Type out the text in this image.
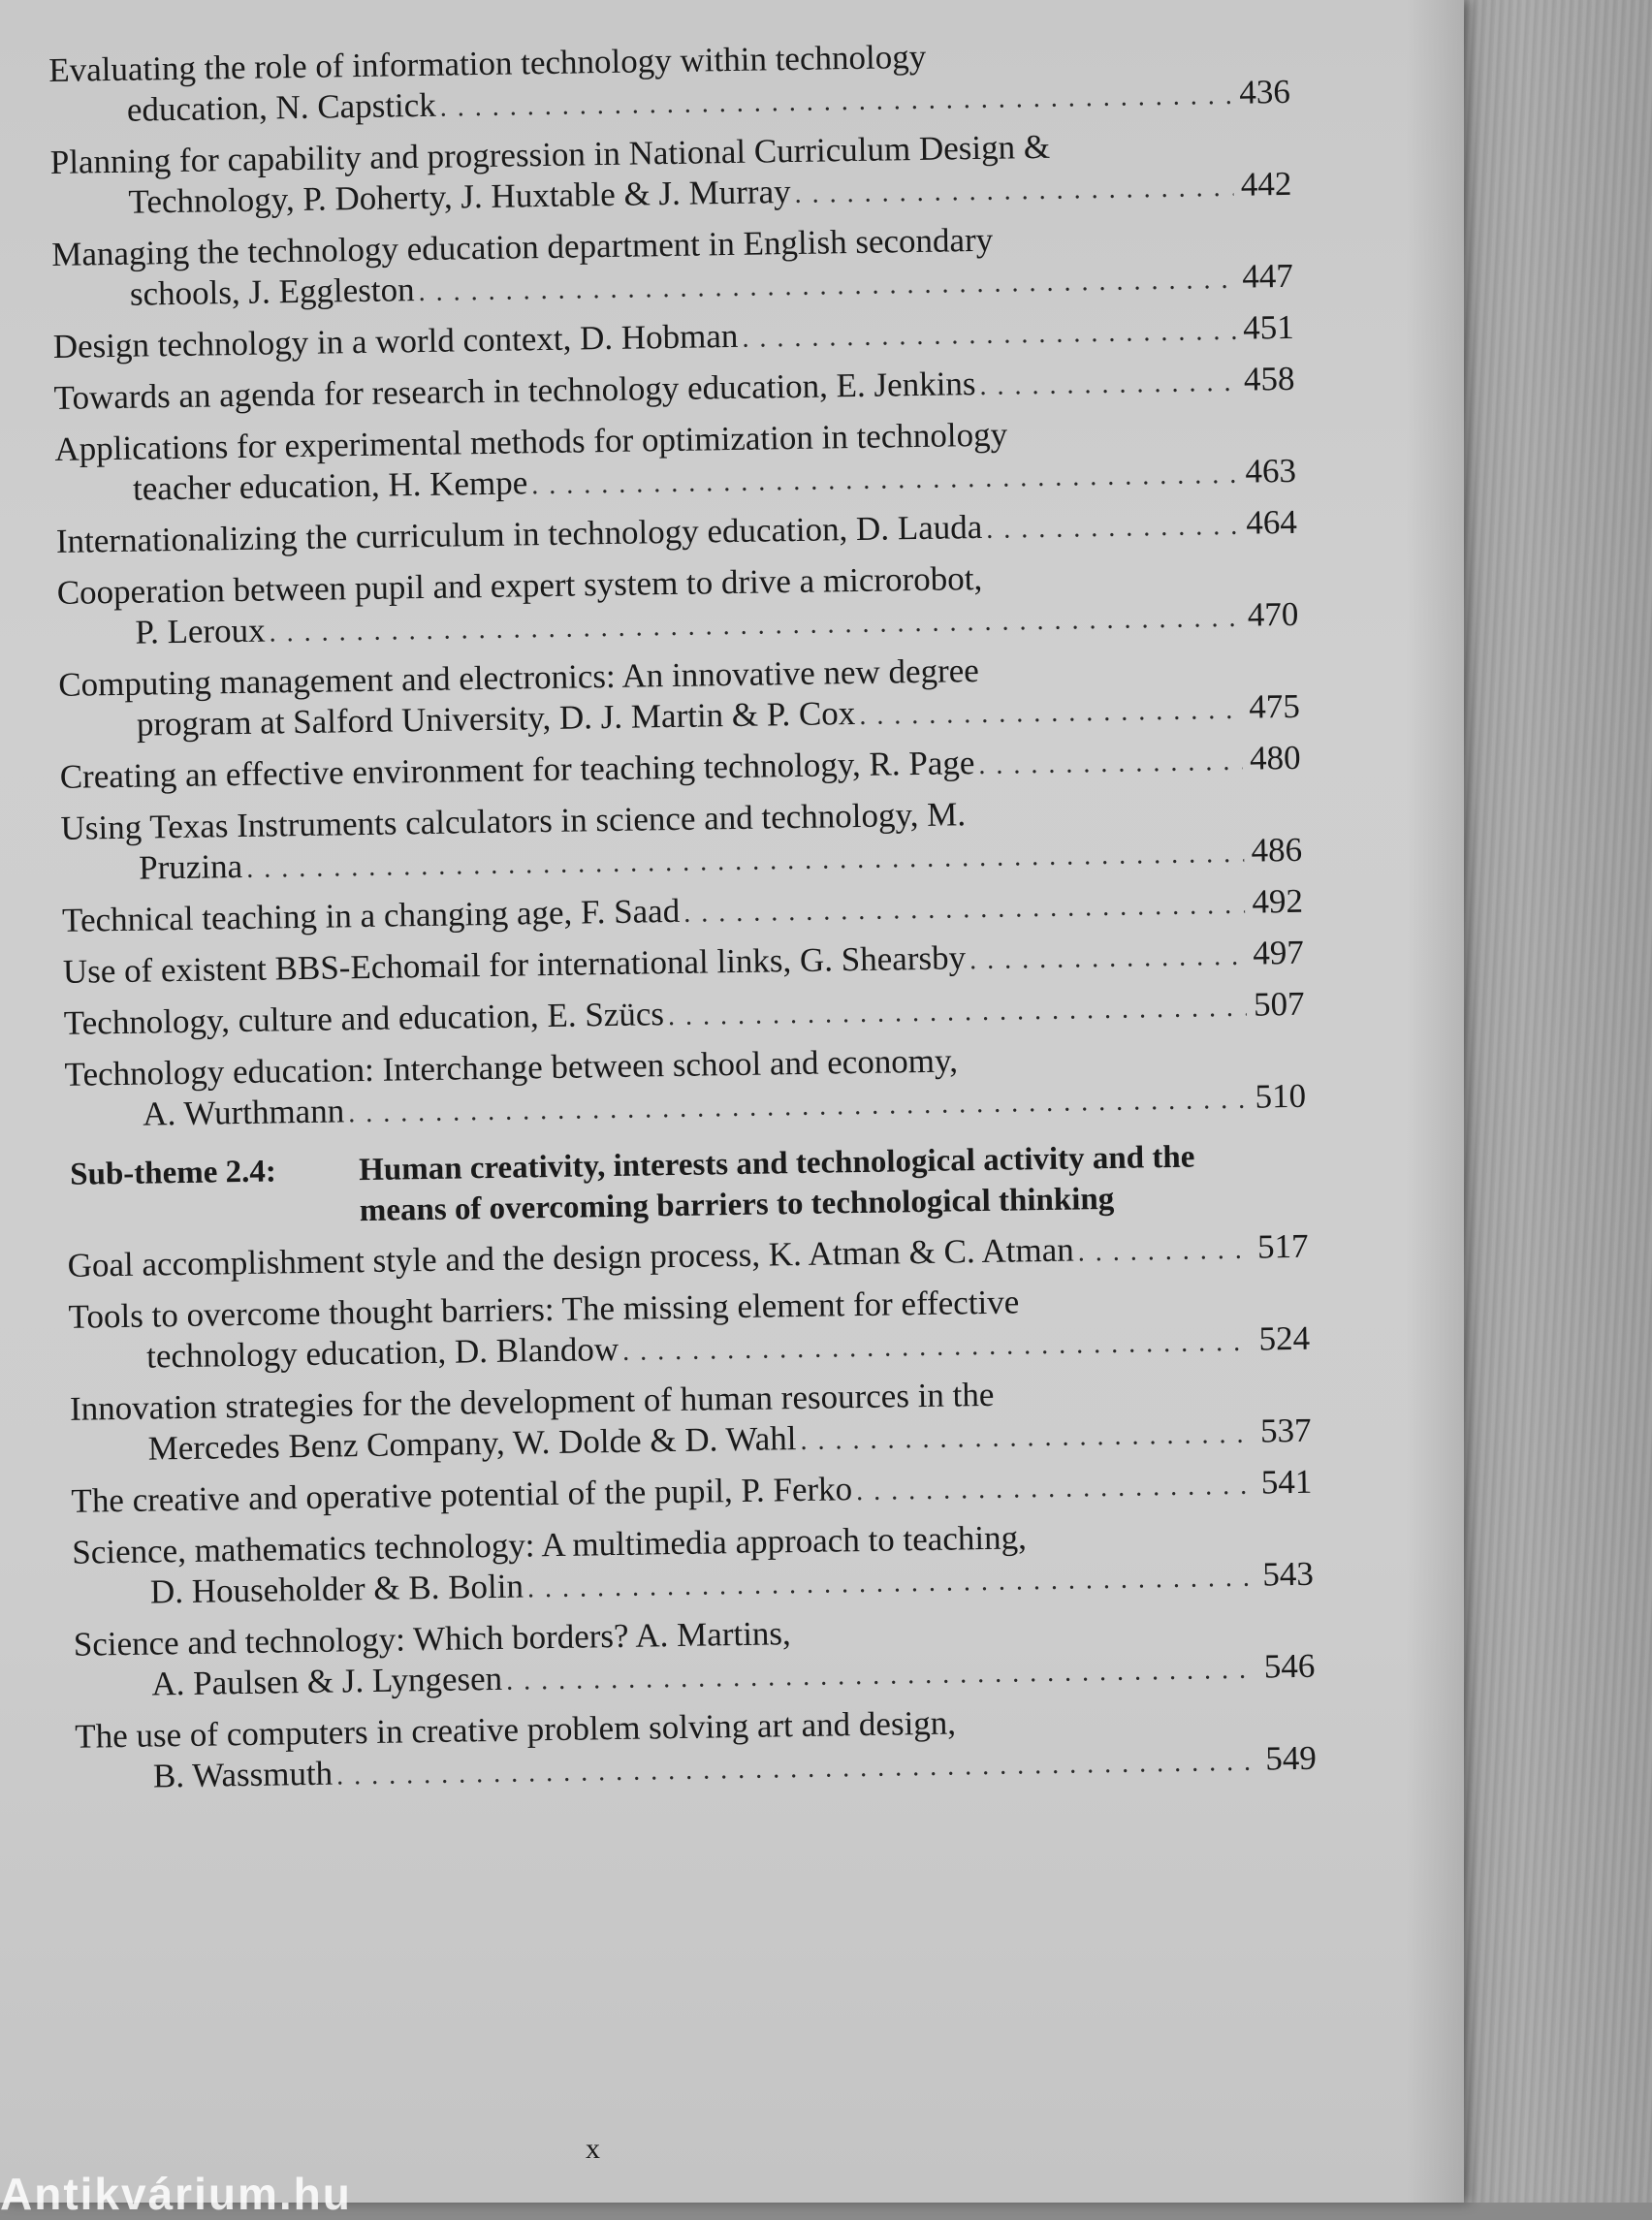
Evaluating the role of information technology within technology
education, N. Capstick . . .	436
Planning for capability and progression in National Curriculum Design &
Technology, P. Doherty, J. Huxtable & J. Murray . . .	442
Managing the technology education department in English secondary
schools, J. Eggleston . . .	447
Design technology in a world context, D. Hobman . . .	451
Towards an agenda for research in technology education, E. Jenkins . . .	458
Applications for experimental methods for optimization in technology
teacher education, H. Kempe . . .	463
Internationalizing the curriculum in technology education, D. Lauda . . .	464
Cooperation between pupil and expert system to drive a microrobot,
P. Leroux . . .	470
Computing management and electronics: An innovative new degree
program at Salford University, D. J. Martin & P. Cox . . .	475
Creating an effective environment for teaching technology, R. Page . . .	480
Using Texas Instruments calculators in science and technology, M.
Pruzina . . .	486
Technical teaching in a changing age, F. Saad . . .	492
Use of existent BBS-Echomail for international links, G. Shearsby . . .	497
Technology, culture and education, E. Szücs . . .	507
Technology education: Interchange between school and economy,
A. Wurthmann . . .	510
Sub-theme 2.4:	Human creativity, interests and technological activity and the means of overcoming barriers to technological thinking
Goal accomplishment style and the design process, K. Atman & C. Atman . . .	517
Tools to overcome thought barriers: The missing element for effective
technology education, D. Blandow . . .	524
Innovation strategies for the development of human resources in the
Mercedes Benz Company, W. Dolde & D. Wahl . . .	537
The creative and operative potential of the pupil, P. Ferko . . .	541
Science, mathematics technology: A multimedia approach to teaching,
D. Householder & B. Bolin . . .	543
Science and technology: Which borders? A. Martins,
A. Paulsen & J. Lyngesen . . .	546
The use of computers in creative problem solving art and design,
B. Wassmuth . . .	549
x
Antikvárium.hu
